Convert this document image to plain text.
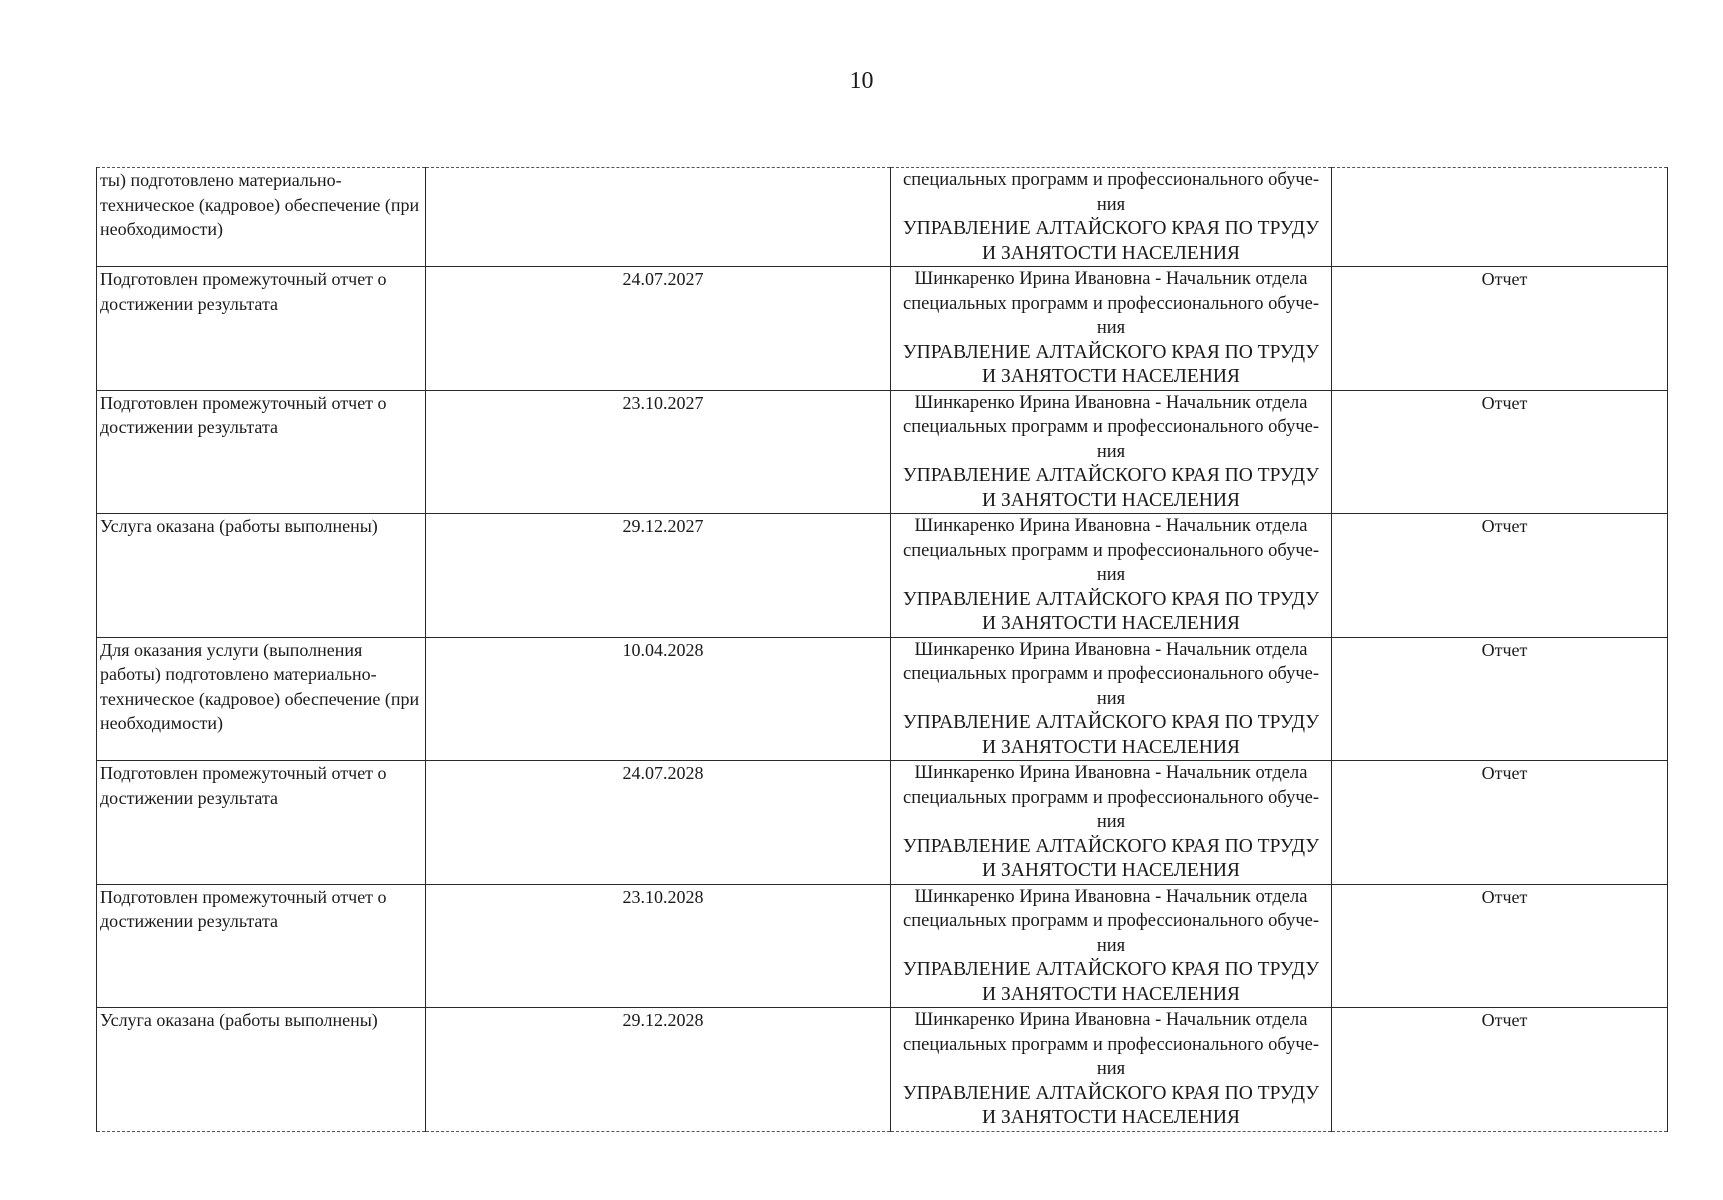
10
ты) подготовлено материально-техническое (кадровое) обеспечение (при необходимости)		специальных программ и профессионального обуче-
ния
УПРАВЛЕНИЕ АЛТАЙСКОГО КРАЯ ПО ТРУДУ И ЗАНЯТОСТИ НАСЕЛЕНИЯ	

Подготовлен промежуточный отчет о достижении результата	24.07.2027	Шинкаренко Ирина Ивановна - Начальник отдела
специальных программ и профессионального обуче-
ния
УПРАВЛЕНИЕ АЛТАЙСКОГО КРАЯ ПО ТРУДУ И ЗАНЯТОСТИ НАСЕЛЕНИЯ	Отчет

Подготовлен промежуточный отчет о достижении результата	23.10.2027	Шинкаренко Ирина Ивановна - Начальник отдела
специальных программ и профессионального обуче-
ния
УПРАВЛЕНИЕ АЛТАЙСКОГО КРАЯ ПО ТРУДУ И ЗАНЯТОСТИ НАСЕЛЕНИЯ	Отчет

Услуга оказана (работы выполнены)	29.12.2027	Шинкаренко Ирина Ивановна - Начальник отдела
специальных программ и профессионального обуче-
ния
УПРАВЛЕНИЕ АЛТАЙСКОГО КРАЯ ПО ТРУДУ И ЗАНЯТОСТИ НАСЕЛЕНИЯ	Отчет

Для оказания услуги (выполнения работы) подготовлено материально-техническое (кадровое) обеспечение (при необходимости)	10.04.2028	Шинкаренко Ирина Ивановна - Начальник отдела
специальных программ и профессионального обуче-
ния
УПРАВЛЕНИЕ АЛТАЙСКОГО КРАЯ ПО ТРУДУ И ЗАНЯТОСТИ НАСЕЛЕНИЯ	Отчет

Подготовлен промежуточный отчет о достижении результата	24.07.2028	Шинкаренко Ирина Ивановна - Начальник отдела
специальных программ и профессионального обуче-
ния
УПРАВЛЕНИЕ АЛТАЙСКОГО КРАЯ ПО ТРУДУ И ЗАНЯТОСТИ НАСЕЛЕНИЯ	Отчет

Подготовлен промежуточный отчет о достижении результата	23.10.2028	Шинкаренко Ирина Ивановна - Начальник отдела
специальных программ и профессионального обуче-
ния
УПРАВЛЕНИЕ АЛТАЙСКОГО КРАЯ ПО ТРУДУ И ЗАНЯТОСТИ НАСЕЛЕНИЯ	Отчет

Услуга оказана (работы выполнены)	29.12.2028	Шинкаренко Ирина Ивановна - Начальник отдела
специальных программ и профессионального обуче-
ния
УПРАВЛЕНИЕ АЛТАЙСКОГО КРАЯ ПО ТРУДУ И ЗАНЯТОСТИ НАСЕЛЕНИЯ	Отчет
